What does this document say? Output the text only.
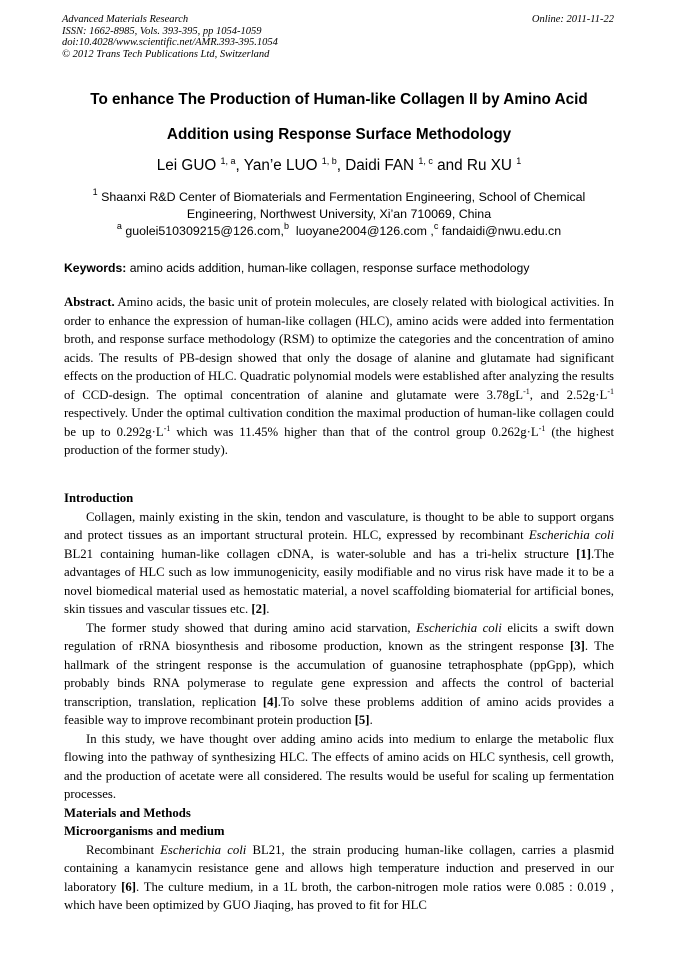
Advanced Materials Research
ISSN: 1662-8985, Vols. 393-395, pp 1054-1059
doi:10.4028/www.scientific.net/AMR.393-395.1054
© 2012 Trans Tech Publications Ltd, Switzerland
Online: 2011-11-22
To enhance The Production of Human-like Collagen II by Amino Acid
Addition using Response Surface Methodology
Lei GUO $^{1, a}$, Yan’e LUO $^{1, b}$, Daidi FAN $^{1, c}$ and Ru XU $^1$
$^1$ Shaanxi R&D Center of Biomaterials and Fermentation Engineering, School of Chemical
Engineering, Northwest University, Xi’an 710069, China
$^a$ guolei510309215@126.com,$^b$ luoyane2004@126.com ,$^c$ fandaidi@nwu.edu.cn
Keywords: amino acids addition, human-like collagen, response surface methodology

Abstract. Amino acids, the basic unit of protein molecules, are closely related with biological activities. In order to enhance the expression of human-like collagen (HLC), amino acids were added into fermentation broth, and response surface methodology (RSM) to optimize the categories and the concentration of amino acids. The results of PB-design showed that only the dosage of alanine and glutamate had significant effects on the production of HLC. Quadratic polynomial models were established after analyzing the results of CCD-design. The optimal concentration of alanine and glutamate were $3.78gL^{-1}$, and $2.52g\cdot L^{-1}$ respectively. Under the optimal cultivation condition the maximal production of human-like collagen could be up to $0.292g\cdot L^{-1}$ which was 11.45% higher than that of the control group $0.262g\cdot L^{-1}$ (the highest production of the former study).

Introduction

Collagen, mainly existing in the skin, tendon and vasculature, is thought to be able to support organs and protect tissues as an important structural protein. HLC, expressed by recombinant Escherichia coli BL21 containing human-like collagen cDNA, is water-soluble and has a tri-helix structure [1].The advantages of HLC such as low immunogenicity, easily modifiable and no virus risk have made it to be a novel biomedical material used as hemostatic material, a novel scaffolding biomaterial for artificial bones, skin tissues and vascular tissues etc. [2].

The former study showed that during amino acid starvation, Escherichia coli elicits a swift down regulation of rRNA biosynthesis and ribosome production, known as the stringent response [3]. The hallmark of the stringent response is the accumulation of guanosine tetraphosphate (ppGpp), which probably binds RNA polymerase to regulate gene expression and affects the control of bacterial transcription, translation, replication [4].To solve these problems addition of amino acids provides a feasible way to improve recombinant protein production [5].

In this study, we have thought over adding amino acids into medium to enlarge the metabolic flux flowing into the pathway of synthesizing HLC. The effects of amino acids on HLC synthesis, cell growth, and the production of acetate were all considered. The results would be useful for scaling up fermentation processes.

Materials and Methods

Microorganisms and medium

Recombinant Escherichia coli BL21, the strain producing human-like collagen, carries a plasmid containing a kanamycin resistance gene and allows high temperature induction and preserved in our laboratory [6]. The culture medium, in a 1L broth, the carbon-nitrogen mole ratios were 0.085 : 0.019 , which have been optimized by GUO Jiaqing, has proved to fit for HLC
